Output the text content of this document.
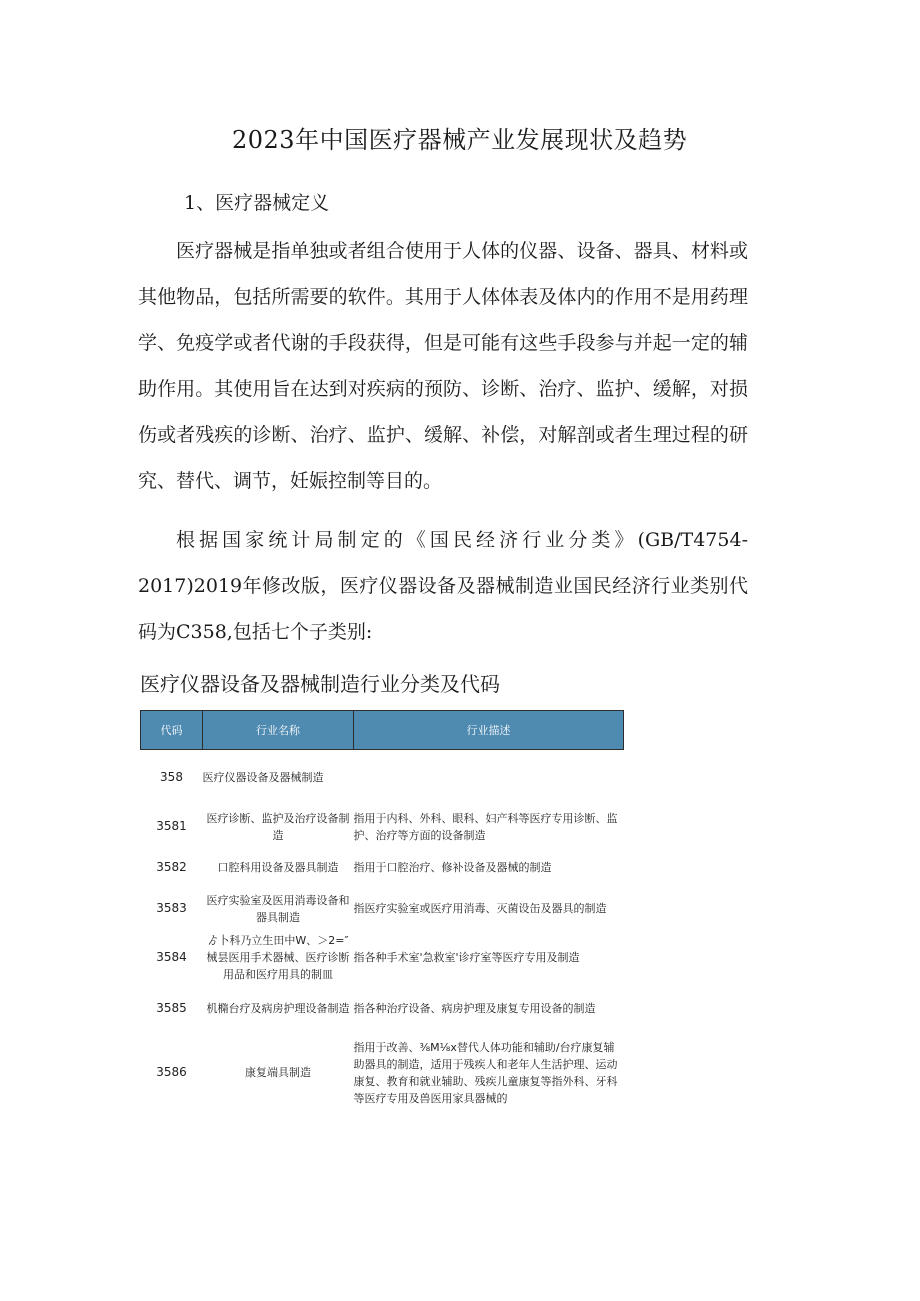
2023年中国医疗器械产业发展现状及趋势
1、医疗器械定义
医疗器械是指单独或者组合使用于人体的仪器、设备、器具、材料或其他物品，包括所需要的软件。其用于人体体表及体内的作用不是用药理学、免疫学或者代谢的手段获得，但是可能有这些手段参与并起一定的辅助作用。其使用旨在达到对疾病的预防、诊断、治疗、监护、缓解，对损伤或者残疾的诊断、治疗、监护、缓解、补偿，对解剖或者生理过程的研究、替代、调节，妊娠控制等目的。
根据国家统计局制定的《国民经济行业分类》(GB/T4754-2017)2019年修改版，医疗仪器设备及器械制造业国民经济行业类别代码为C358,包括七个子类别:
医疗仪器设备及器械制造行业分类及代码
代码	行业名称	行业描述
358	医疗仪器设备及器械制造	
3581	医疗诊断、监护及治疗设备制造	指用于内科、外科、眼科、妇产科等医疗专用诊断、监护、治疗等方面的设备制造
3582	口腔科用设备及器具制造	指用于口腔治疗、修补设备及器械的制造
3583	医疗实验室及医用消毒设备和器具制造	指医疗实验室或医疗用消毒、灭菌设缶及器具的制造
3584	ゟ卜科乃立生田中W、＞2=″械昙医用手术器械、医疗诊断用品和医疗用具的制皿	指各种手术室'急救室'诊疗室等医疗专用及制造
3585	机橢台疗及病房护理设备制造	指各种治疗设备、病房护理及康复专用设备的制造
3586	康复端具制造	指用于改善、⅜M⅛x替代人体功能和辅助/台疗康复辅助器具的制造，适用于残疾人和老年人生活护理、运动康复、教育和就业辅助、残疾儿童康复等指外科、牙科等医疗专用及兽医用家具器械的
